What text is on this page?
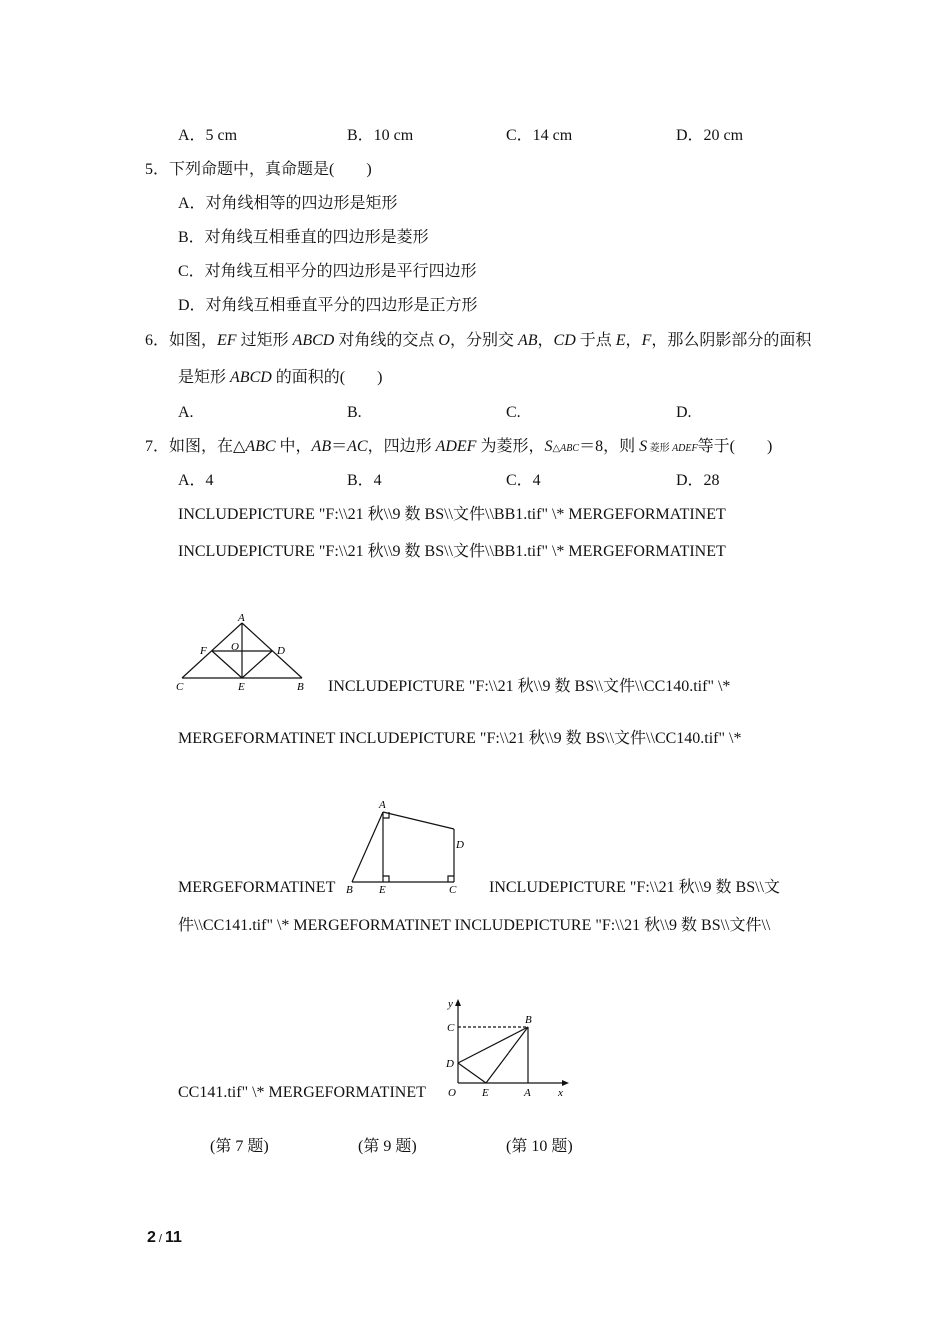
A．5 cm	B．10 cm	C．14 cm	D．20 cm
5．下列命题中，真命题是(　　)
A．对角线相等的四边形是矩形
B．对角线互相垂直的四边形是菱形
C．对角线互相平分的四边形是平行四边形
D．对角线互相垂直平分的四边形是正方形
6．如图，EF 过矩形 ABCD 对角线的交点 O，分别交 AB，CD 于点 E，F，那么阴影部分的面积
是矩形 ABCD 的面积的(　　)
A.	B.	C.	D.
7．如图，在△ABC 中，AB＝AC，四边形 ADEF 为菱形，S△ABC＝8，则 S 菱形 ADEF等于(　　)
A．4	B．4	C．4	D．28
INCLUDEPICTURE "F:\\21 秋\\9 数 BS\\文件\\BB1.tif" \* MERGEFORMATINET
INCLUDEPICTURE "F:\\21 秋\\9 数 BS\\文件\\BB1.tif" \* MERGEFORMATINET
A
O
F	D
C	E	B INCLUDEPICTURE "F:\\21 秋\\9 数 BS\\文件\\CC140.tif" \*
MERGEFORMATINET INCLUDEPICTURE "F:\\21 秋\\9 数 BS\\文件\\CC140.tif" \*
A
D
B E	C
MERGEFORMATINET	INCLUDEPICTURE "F:\\21 秋\\9 数 BS\\文
件\\CC141.tif" \* MERGEFORMATINET INCLUDEPICTURE "F:\\21 秋\\9 数 BS\\文件\\
y
C
B
D
O E	A x
CC141.tif" \* MERGEFORMATINET
(第 7 题)	(第 9 题)	(第 10 题)
2 / 11
